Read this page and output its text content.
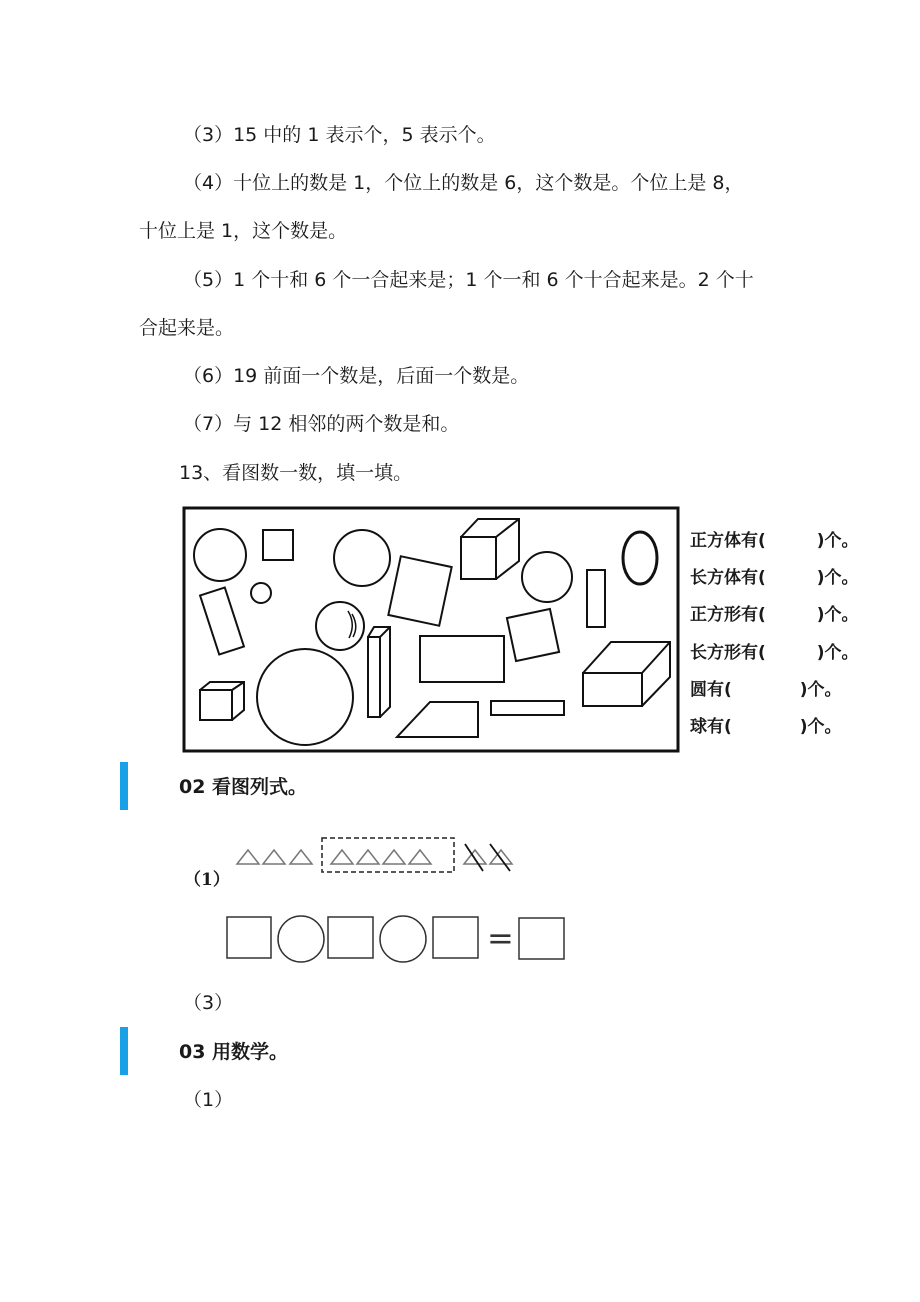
（3）15 中的 1 表示个，5 表示个。
（4）十位上的数是 1，个位上的数是 6，这个数是。个位上是 8，
十位上是 1，这个数是。
（5）1 个十和 6 个一合起来是；1 个一和 6 个十合起来是。2 个十
合起来是。
（6）19 前面一个数是，后面一个数是。
（7）与 12 相邻的两个数是和。
13、看图数一数，填一填。
正方体有(　　　)个。
长方体有(　　　)个。
正方形有(　　　)个。
长方形有(　　　)个。
圆有(　　　　)个。
球有(　　　　)个。
02 看图列式。
（1）
=
（3）
03 用数学。
（1）
